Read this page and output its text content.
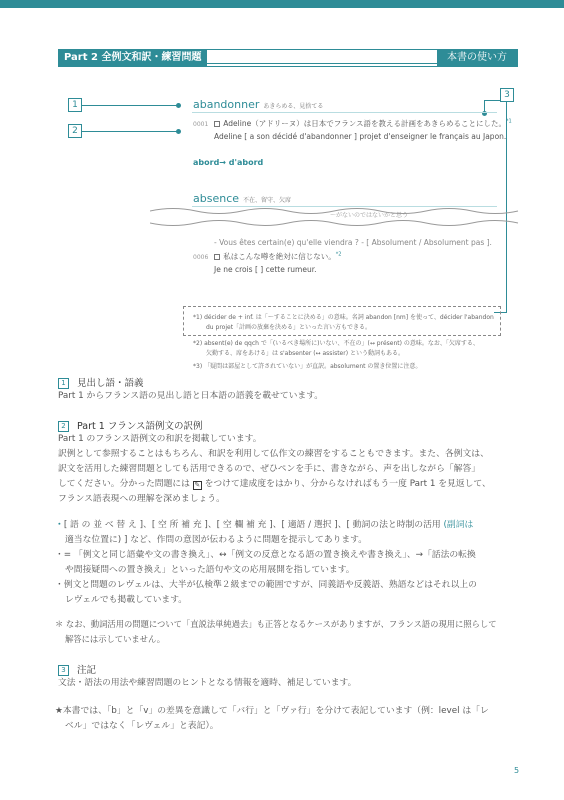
Part 2 全例文和訳・練習問題	本書の使い方
1
2
3
abandonner あきらめる、見捨てる
0001 Adeline（アドリーヌ）は日本でフランス語を教える計画をあきらめることにした。$^{*1}$
Adeline [ a son décidé d'abandonner ] projet d'enseigner le français au Japon.
abord→ d'abord
absence 不在、留守、欠席
～がないのではないかと思う
- Vous êtes certain(e) qu'elle viendra ? - [ Absolument / Absolument pas ].
0006 私はこんな噂を絶対に信じない。$^{*2}$
Je ne crois [ ] cette rumeur.
*1) décider de + inf. は「～することに決める」の意味。名詞 abandon [nm] を使って、décider l'abandon
du projet「計画の放棄を決める」といった言い方もできる。
*2) absent(e) de qqch で「(いるべき場所に)いない、不在の」(↔ présent) の意味。なお、「欠席する、
欠勤する、席をあける」は s'absenter (↔ assister) という動詞もある。
*3) 「疑問は部屋として許されていない」が直訳。absolument の置き位置に注意。
1 見出し語・語義
Part 1 からフランス語の見出し語と日本語の語義を載せています。
2 Part 1 フランス語例文の訳例
Part 1 のフランス語例文の和訳を掲載しています。
訳例として参照することはもちろん、和訳を利用して仏作文の練習をすることもできます。また、各例文は、
訳文を活用した練習問題としても活用できるので、ぜひペンを手に、書きながら、声を出しながら「解答」
してください。分かった問題には ✎ をつけて達成度をはかり、分からなければもう一度 Part 1 を見返して、
フランス語表現への理解を深めましょう。
・[ 語 の 並 べ 替 え ]、[ 空 所 補 充 ]、[ 空 欄 補 充 ]、[ 適語 / 選択 ]、[ 動詞の法と時制の活用 (副詞は
適当な位置に) ] など、作問の意図が伝わるように問題を提示してあります。
・= 「例文と同じ語彙や文の書き換え」、↔「例文の反意となる語の置き換えや書き換え」、→「話法の転換
や間接疑問への置き換え」といった語句や文の応用展開を指しています。
・例文と問題のレヴェルは、大半が仏検準２級までの範囲ですが、同義語や反義語、熟語などはそれ以上の
レヴェルでも掲載しています。
＊ なお、動詞活用の問題について「直説法単純過去」も正答となるケースがありますが、フランス語の現用に照らして
解答には示していません。
3 注記
文法・語法の用法や練習問題のヒントとなる情報を適時、補足しています。
★本書では、「b」と「v」の差異を意識して「バ行」と「ヴァ行」を分けて表記しています（例：level は「レ
ベル」ではなく「レヴェル」と表記）。
5
